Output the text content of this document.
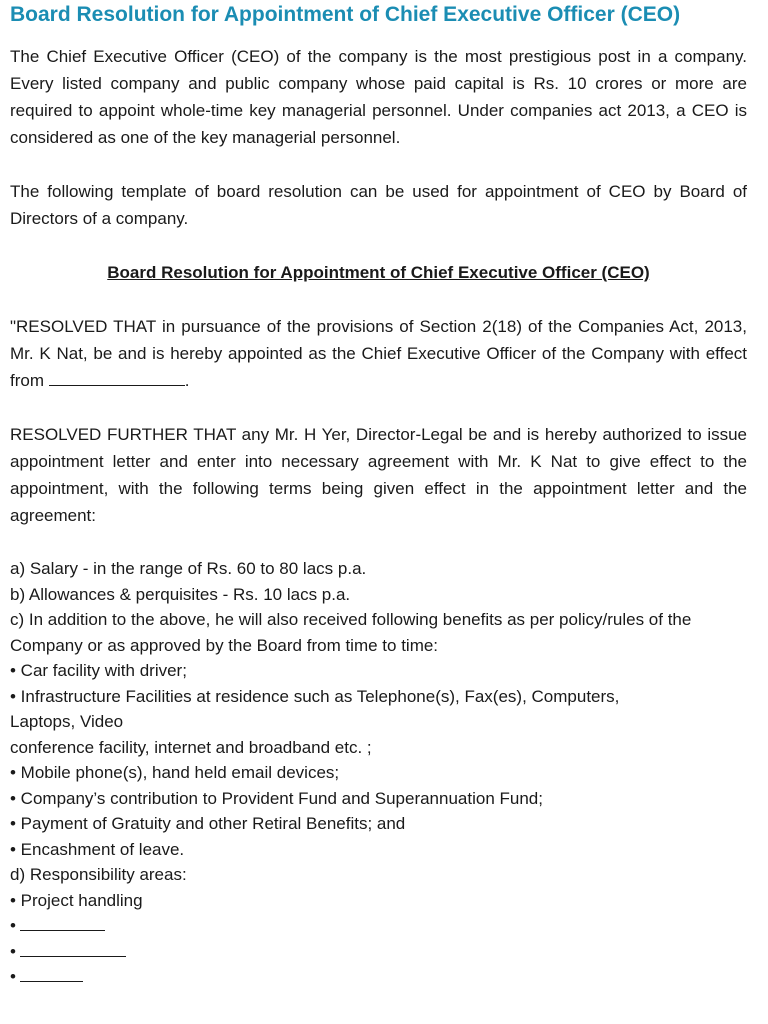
Board Resolution for Appointment of Chief Executive Officer (CEO)

The Chief Executive Officer (CEO) of the company is the most prestigious post in a company. Every listed company and public company whose paid capital is Rs. 10 crores or more are required to appoint whole-time key managerial personnel. Under companies act 2013, a CEO is considered as one of the key managerial personnel.

The following template of board resolution can be used for appointment of CEO by Board of Directors of a company.

Board Resolution for Appointment of Chief Executive Officer (CEO)

"RESOLVED THAT in pursuance of the provisions of Section 2(18) of the Companies Act, 2013, Mr. K Nat, be and is hereby appointed as the Chief Executive Officer of the Company with effect from	.

RESOLVED FURTHER THAT any Mr. H Yer, Director-Legal be and is hereby authorized to issue appointment letter and enter into necessary agreement with Mr. K Nat to give effect to the appointment, with the following terms being given effect in the appointment letter and the agreement:

a) Salary - in the range of Rs. 60 to 80 lacs p.a.

b) Allowances & perquisites - Rs. 10 lacs p.a.

c) In addition to the above, he will also received following benefits as per policy/rules of the Company or as approved by the Board from time to time:

• Car facility with driver;

• Infrastructure Facilities at residence such as Telephone(s), Fax(es), Computers,

Laptops, Video

conference facility, internet and broadband etc. ;

• Mobile phone(s), hand held email devices;

• Company’s contribution to Provident Fund and Superannuation Fund;

• Payment of Gratuity and other Retiral Benefits; and

• Encashment of leave.

d) Responsibility areas:

• Project handling

•

•

•
